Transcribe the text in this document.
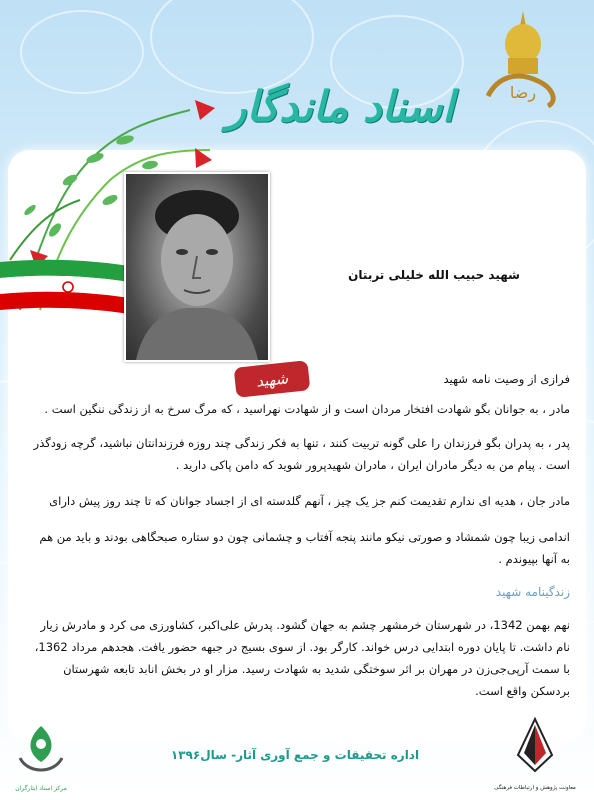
اسناد ماندگار	رضا
شهید حبیب الله خلیلی تربتان
شهید	فرازی از وصیت نامه شهید
مادر ، به جوانان بگو شهادت افتخار مردان است و از شهادت نهراسید ، که مرگ سرخ به از زندگی ننگین است .
پدر ، به پدران بگو فرزندان را علی گونه تربیت کنند ، تنها به فکر زندگی چند روزه فرزندانتان نباشید، گرچه زودگذر است . پیام من به دیگر مادران ایران ، مادران شهیدپرور شوید که دامن پاکی دارید .
مادر جان ، هدیه ای ندارم تقدیمت کنم جز یک چیز ، آنهم گلدسته ای از اجساد جوانان که تا چند روز پیش دارای
اندامی زیبا چون شمشاد و صورتی نیکو مانند پنجه آفتاب و چشمانی چون دو ستاره صبحگاهی بودند و باید من هم به آنها بپیوندم .
زندگینامه شهید
نهم بهمن 1342، در شهرستان خرمشهر چشم به جهان گشود. پدرش علی‌اکبر، کشاورزی می کرد و مادرش زیار نام داشت. تا پایان دوره ابتدایی درس خواند. کارگر بود. از سوی بسیج در جبهه حضور یافت. هجدهم مرداد 1362، با سمت آر‌پی‌جی‌زن در مهران بر اثر سوختگی شدید به شهادت رسید. مزار او در بخش انابد تابعه شهرستان بردسکن واقع است.
اداره تحقیقات و جمع آوری آثار- سال۱۳۹۶
مرکز اسناد ایثارگران	معاونت پژوهش و ارتباطات فرهنگی
